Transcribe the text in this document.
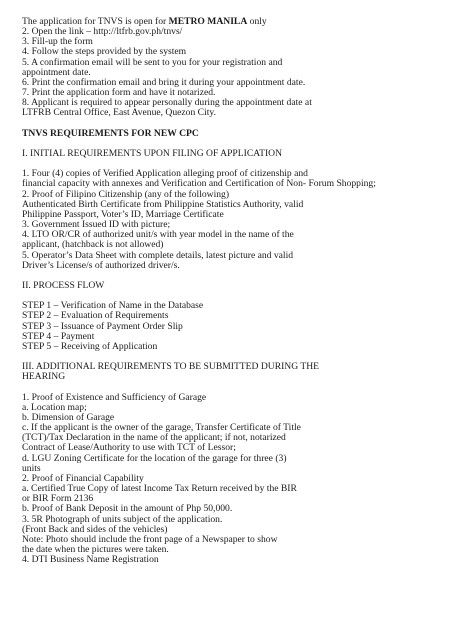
The application for TNVS is open for METRO MANILA only
2. Open the link – http://ltfrb.gov.ph/tnvs/
3. Fill-up the form
4. Follow the steps provided by the system
5. A confirmation email will be sent to you for your registration and
appointment date.
6. Print the confirmation email and bring it during your appointment date.
7. Print the application form and have it notarized.
8. Applicant is required to appear personally during the appointment date at
LTFRB Central Office, East Avenue, Quezon City.
TNVS REQUIREMENTS FOR NEW CPC
I. INITIAL REQUIREMENTS UPON FILING OF APPLICATION
1. Four (4) copies of Verified Application alleging proof of citizenship and
financial capacity with annexes and Verification and Certification of Non- Forum Shopping;
2. Proof of Filipino Citizenship (any of the following)
Authenticated Birth Certificate from Philippine Statistics Authority, valid
Philippine Passport, Voter’s ID, Marriage Certificate
3. Government Issued ID with picture;
4. LTO OR/CR of authorized unit/s with year model in the name of the
applicant, (hatchback is not allowed)
5. Operator’s Data Sheet with complete details, latest picture and valid
Driver’s License/s of authorized driver/s.
II. PROCESS FLOW
STEP 1 – Verification of Name in the Database
STEP 2 – Evaluation of Requirements
STEP 3 – Issuance of Payment Order Slip
STEP 4 – Payment
STEP 5 – Receiving of Application
III. ADDITIONAL REQUIREMENTS TO BE SUBMITTED DURING THE
HEARING
1. Proof of Existence and Sufficiency of Garage
a. Location map;
b. Dimension of Garage
c. If the applicant is the owner of the garage, Transfer Certificate of Title
(TCT)/Tax Declaration in the name of the applicant; if not, notarized
Contract of Lease/Authority to use with TCT of Lessor;
d. LGU Zoning Certificate for the location of the garage for three (3)
units
2. Proof of Financial Capability
a. Certified True Copy of latest Income Tax Return received by the BIR
or BIR Form 2136
b. Proof of Bank Deposit in the amount of Php 50,000.
3. 5R Photograph of units subject of the application.
(Front Back and sides of the vehicles)
Note: Photo should include the front page of a Newspaper to show
the date when the pictures were taken.
4. DTI Business Name Registration
